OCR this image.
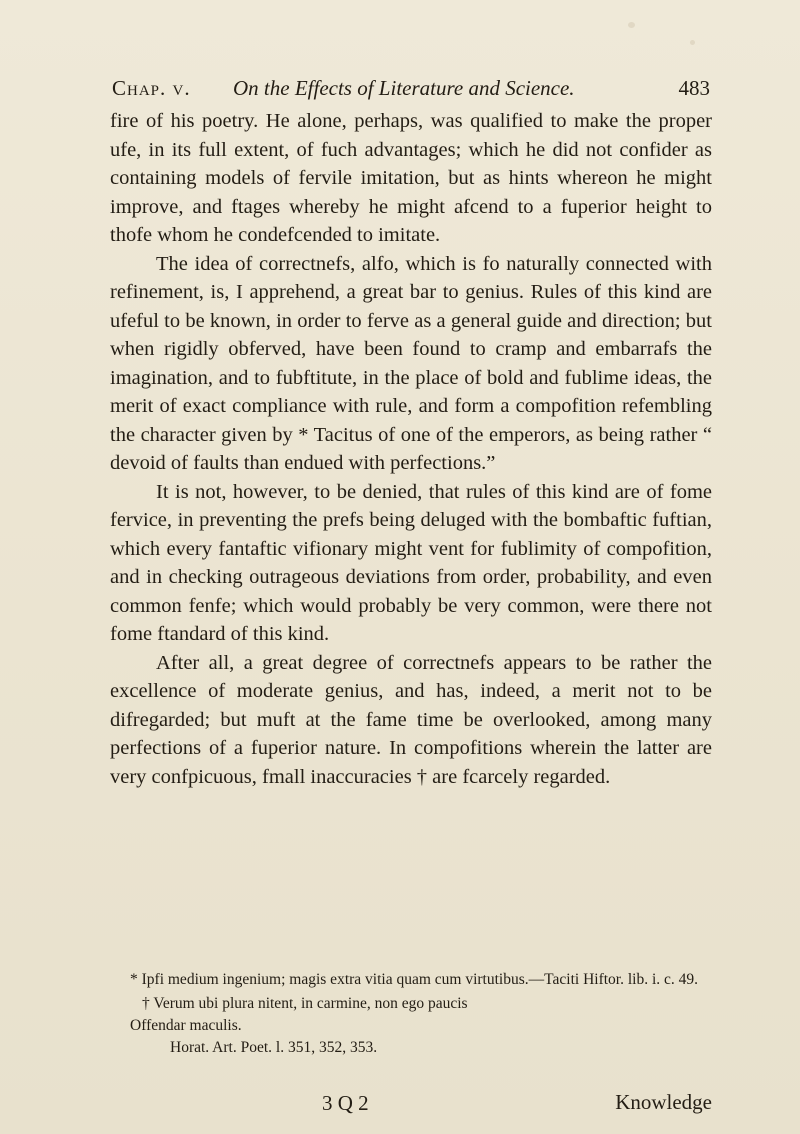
Chap. v. On the Effects of Literature and Science.	483

fire of his poetry. He alone, perhaps, was qualified to make the proper ufe, in its full extent, of fuch advantages; which he did not confider as containing models of fervile imitation, but as hints whereon he might improve, and ftages whereby he might afcend to a fuperior height to thofe whom he condefcended to imitate.

The idea of correctnefs, alfo, which is fo naturally connected with refinement, is, I apprehend, a great bar to genius. Rules of this kind are ufeful to be known, in order to ferve as a general guide and direction; but when rigidly obferved, have been found to cramp and embarrafs the imagination, and to fubftitute, in the place of bold and fublime ideas, the merit of exact compliance with rule, and form a compofition refembling the character given by * Tacitus of one of the emperors, as being rather “ devoid of faults than endued with perfections.”

It is not, however, to be denied, that rules of this kind are of fome fervice, in preventing the prefs being deluged with the bombaftic fuftian, which every fantaftic vifionary might vent for fublimity of compofition, and in checking outrageous deviations from order, probability, and even common fenfe; which would probably be very common, were there not fome ftandard of this kind.

After all, a great degree of correctnefs appears to be rather the excellence of moderate genius, and has, indeed, a merit not to be difregarded; but muft at the fame time be overlooked, among many perfections of a fuperior nature. In compofitions wherein the latter are very confpicuous, fmall inaccuracies † are fcarcely regarded.

* Ipfi medium ingenium; magis extra vitia quam cum virtutibus.—Taciti Hiftor. lib. i. c. 49.

† Verum ubi plura nitent, in carmine, non ego paucis

Offendar maculis.

Horat. Art. Poet. l. 351, 352, 353.

3 Q 2	Knowledge
